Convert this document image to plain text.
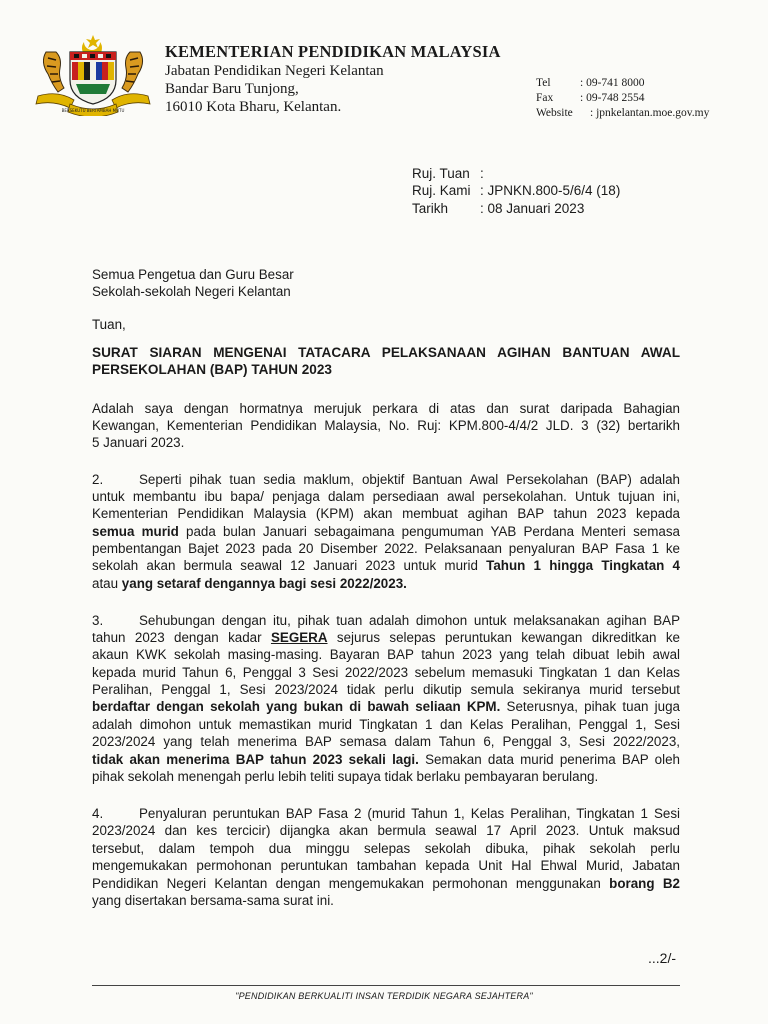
BERSEKUTU BERTAMBAH MUTU
KEMENTERIAN PENDIDIKAN MALAYSIA
Jabatan Pendidikan Negeri Kelantan
Bandar Baru Tunjong,
16010 Kota Bharu, Kelantan.
Tel	: 09-741 8000
Fax : 09-748 2554
Website : jpnkelantan.moe.gov.my
Ruj. Tuan :
Ruj. Kami : JPNKN.800-5/6/4 (18)
Tarikh : 08 Januari 2023
Semua Pengetua dan Guru Besar
Sekolah-sekolah Negeri Kelantan
Tuan,
SURAT SIARAN MENGENAI TATACARA PELAKSANAAN AGIHAN BANTUAN AWAL
PERSEKOLAHAN (BAP) TAHUN 2023
Adalah saya dengan hormatnya merujuk perkara di atas dan surat daripada Bahagian
Kewangan, Kementerian Pendidikan Malaysia, No. Ruj: KPM.800-4/4/2 JLD. 3 (32) bertarikh
5 Januari 2023.
2.	Seperti pihak tuan sedia maklum, objektif Bantuan Awal Persekolahan (BAP) adalah
untuk membantu ibu bapa/ penjaga dalam persediaan awal persekolahan. Untuk tujuan ini,
Kementerian Pendidikan Malaysia (KPM) akan membuat agihan BAP tahun 2023 kepada
semua murid pada bulan Januari sebagaimana pengumuman YAB Perdana Menteri semasa
pembentangan Bajet 2023 pada 20 Disember 2022. Pelaksanaan penyaluran BAP Fasa 1 ke
sekolah akan bermula seawal 12 Januari 2023 untuk murid Tahun 1 hingga Tingkatan 4
atau yang setaraf dengannya bagi sesi 2022/2023.
3.	Sehubungan dengan itu, pihak tuan adalah dimohon untuk melaksanakan agihan BAP
tahun 2023 dengan kadar SEGERA sejurus selepas peruntukan kewangan dikreditkan ke
akaun KWK sekolah masing-masing. Bayaran BAP tahun 2023 yang telah dibuat lebih awal
kepada murid Tahun 6, Penggal 3 Sesi 2022/2023 sebelum memasuki Tingkatan 1 dan Kelas
Peralihan, Penggal 1, Sesi 2023/2024 tidak perlu dikutip semula sekiranya murid tersebut
berdaftar dengan sekolah yang bukan di bawah seliaan KPM. Seterusnya, pihak tuan juga
adalah dimohon untuk memastikan murid Tingkatan 1 dan Kelas Peralihan, Penggal 1, Sesi
2023/2024 yang telah menerima BAP semasa dalam Tahun 6, Penggal 3, Sesi 2022/2023,
tidak akan menerima BAP tahun 2023 sekali lagi. Semakan data murid penerima BAP oleh
pihak sekolah menengah perlu lebih teliti supaya tidak berlaku pembayaran berulang.
4.	Penyaluran peruntukan BAP Fasa 2 (murid Tahun 1, Kelas Peralihan, Tingkatan 1 Sesi
2023/2024 dan kes tercicir) dijangka akan bermula seawal 17 April 2023. Untuk maksud
tersebut, dalam tempoh dua minggu selepas sekolah dibuka, pihak sekolah perlu
mengemukakan permohonan peruntukan tambahan kepada Unit Hal Ehwal Murid, Jabatan
Pendidikan Negeri Kelantan dengan mengemukakan permohonan menggunakan borang B2
yang disertakan bersama-sama surat ini.
...2/-
"PENDIDIKAN BERKUALITI INSAN TERDIDIK NEGARA SEJAHTERA"
